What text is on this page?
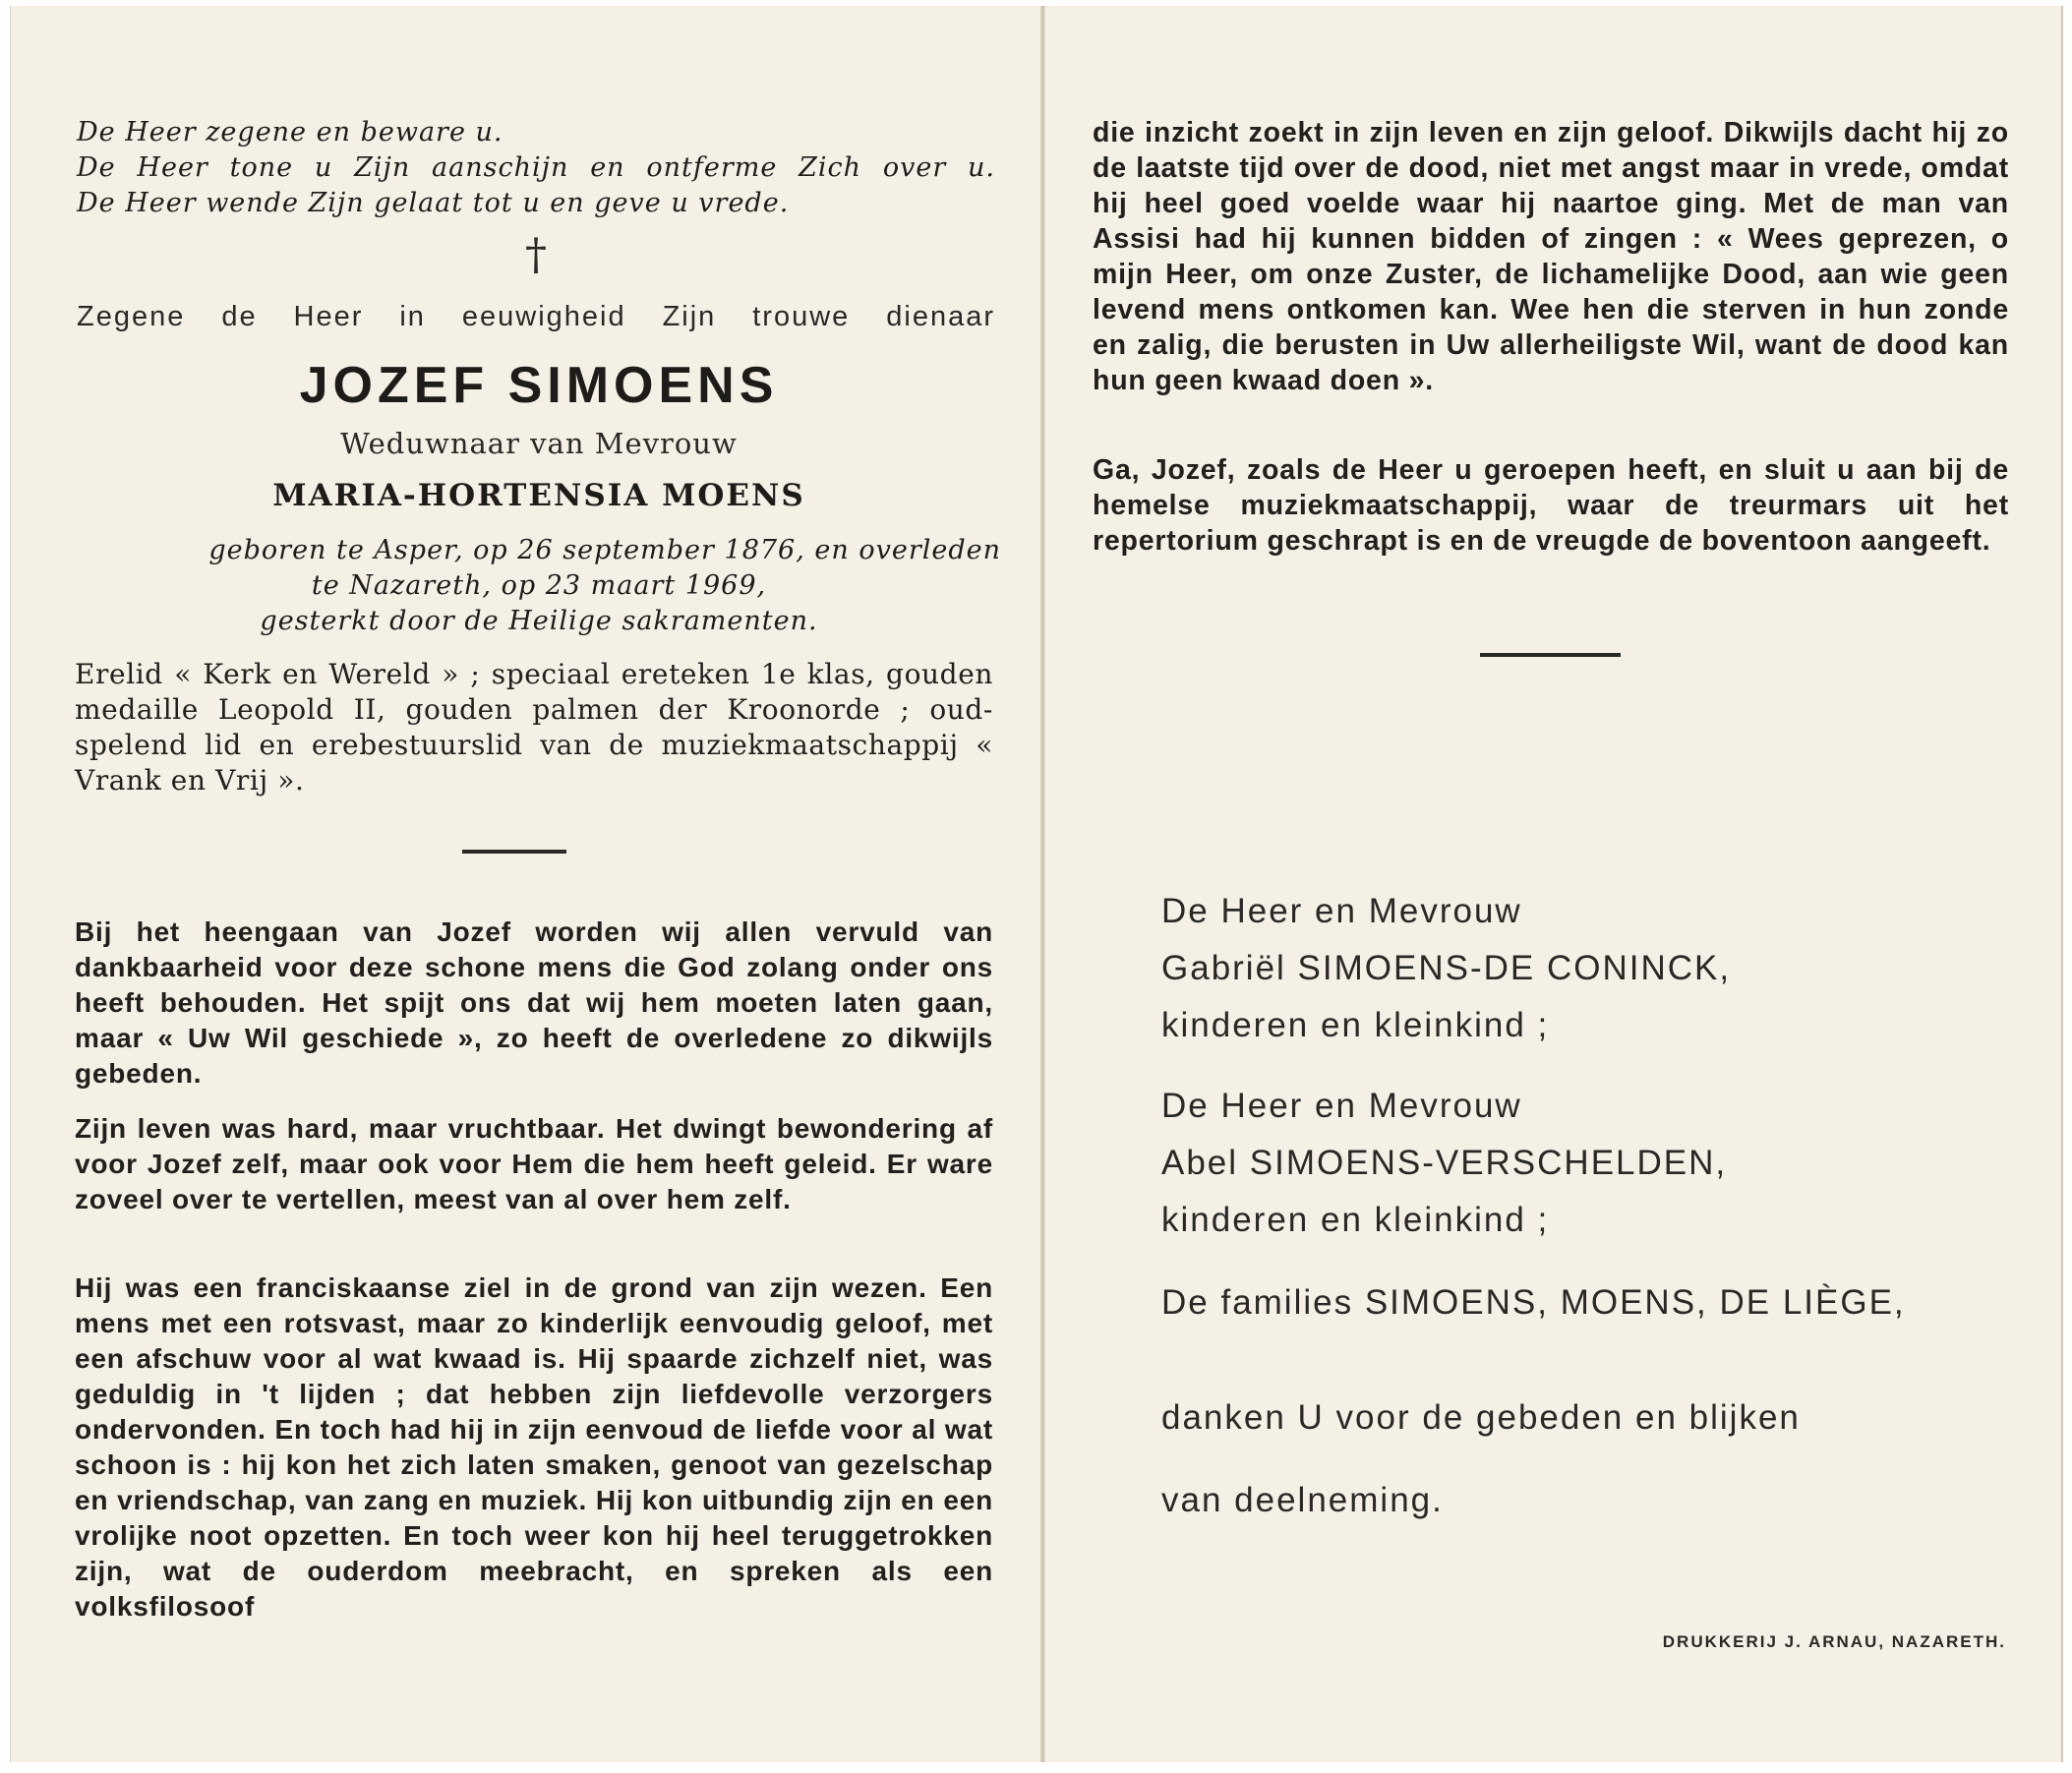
De Heer zegene en beware u.
De Heer tone u Zijn aanschijn en ontferme Zich over u.
De Heer wende Zijn gelaat tot u en geve u vrede.
†
Zegene de Heer in eeuwigheid Zijn trouwe dienaar
JOZEF SIMOENS
Weduwnaar van Mevrouw
MARIA-HORTENSIA MOENS
geboren te Asper, op 26 september 1876, en overleden
te Nazareth, op 23 maart 1969,
gesterkt door de Heilige sakramenten.
Erelid « Kerk en Wereld » ; speciaal ereteken 1e klas, gouden medaille Leopold II, gouden palmen der Kroonorde ; oud-spelend lid en erebestuurslid van de muziekmaatschappij « Vrank en Vrij ».
Bij het heengaan van Jozef worden wij allen vervuld van dankbaarheid voor deze schone mens die God zolang onder ons heeft behouden. Het spijt ons dat wij hem moeten laten gaan, maar « Uw Wil geschiede », zo heeft de overledene zo dikwijls gebeden.
Zijn leven was hard, maar vruchtbaar. Het dwingt bewondering af voor Jozef zelf, maar ook voor Hem die hem heeft geleid. Er ware zoveel over te vertellen, meest van al over hem zelf.
Hij was een franciskaanse ziel in de grond van zijn wezen. Een mens met een rotsvast, maar zo kinderlijk eenvoudig geloof, met een afschuw voor al wat kwaad is. Hij spaarde zichzelf niet, was geduldig in 't lijden ; dat hebben zijn liefdevolle verzorgers ondervonden. En toch had hij in zijn eenvoud de liefde voor al wat schoon is : hij kon het zich laten smaken, genoot van gezelschap en vriendschap, van zang en muziek. Hij kon uitbundig zijn en een vrolijke noot opzetten. En toch weer kon hij heel teruggetrokken zijn, wat de ouderdom meebracht, en spreken als een volksfilosoof
die inzicht zoekt in zijn leven en zijn geloof. Dikwijls dacht hij zo de laatste tijd over de dood, niet met angst maar in vrede, omdat hij heel goed voelde waar hij naartoe ging. Met de man van Assisi had hij kunnen bidden of zingen : « Wees geprezen, o mijn Heer, om onze Zuster, de lichamelijke Dood, aan wie geen levend mens ontkomen kan. Wee hen die sterven in hun zonde en zalig, die berusten in Uw allerheiligste Wil, want de dood kan hun geen kwaad doen ».
Ga, Jozef, zoals de Heer u geroepen heeft, en sluit u aan bij de hemelse muziekmaatschappij, waar de treurmars uit het repertorium geschrapt is en de vreugde de boventoon aangeeft.
De Heer en Mevrouw
Gabriël SIMOENS-DE CONINCK,
kinderen en kleinkind ;
De Heer en Mevrouw
Abel SIMOENS-VERSCHELDEN,
kinderen en kleinkind ;
De families SIMOENS, MOENS, DE LIÈGE,
danken U voor de gebeden en blijken
van deelneming.
DRUKKERIJ J. ARNAU, NAZARETH.
